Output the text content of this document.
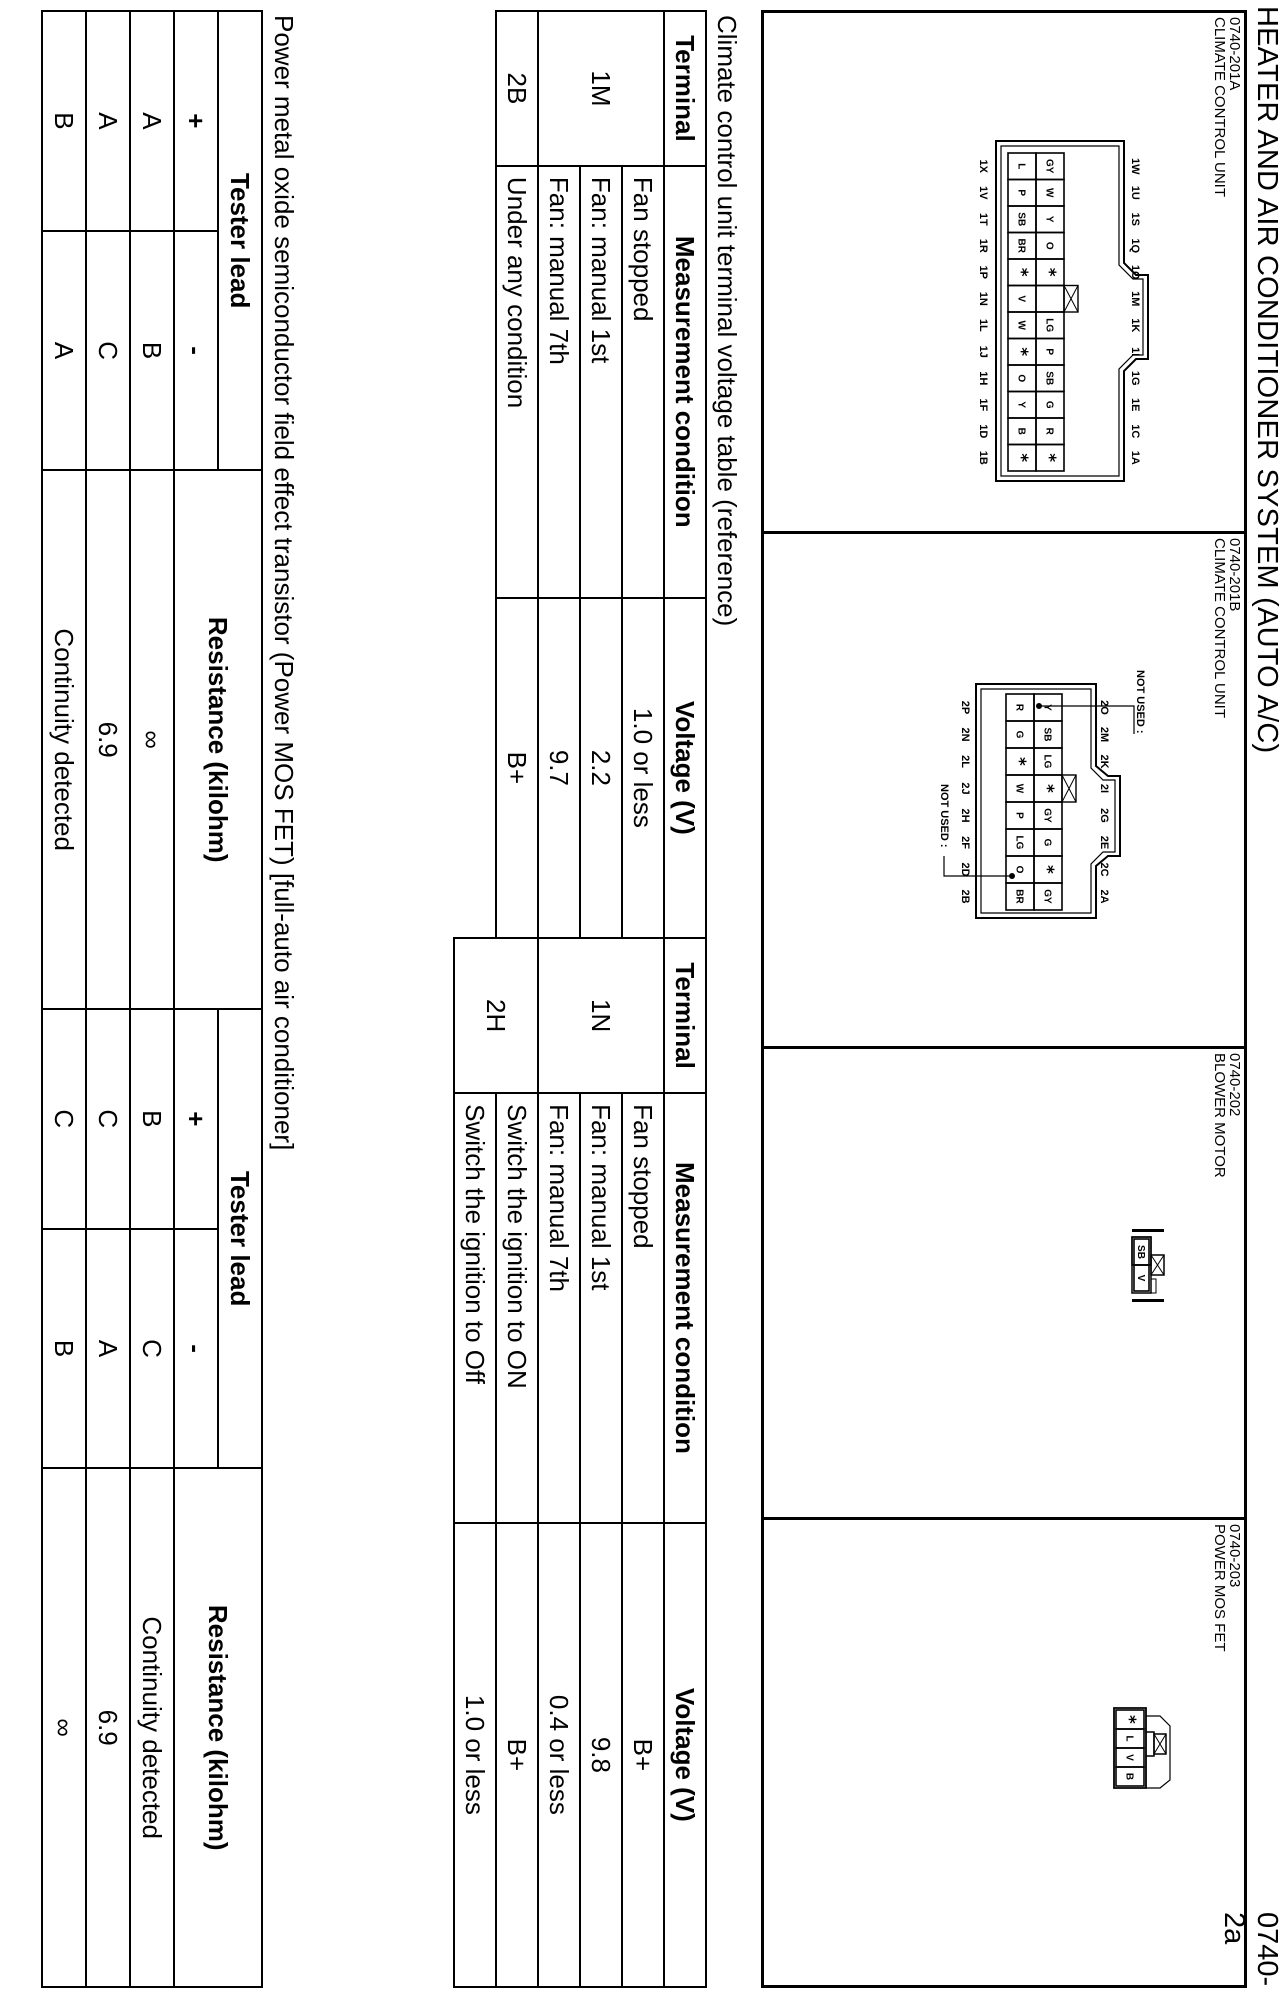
HEATER AND AIR CONDITIONER SYSTEM (AUTO A/C)
0740-2a
0740-201A
CLIMATE CONTROL UNIT
GY
W
Y
O
*
LG
P
SB
G
R
*
L
P
SB
BR
*
V
W
*
O
Y
B
*
1W
1U
1S
1Q
1O
1M
1K
1I
1G
1E
1C
1A
1X
1V
1T
1R
1P
1N
1L
1J
1H
1F
1D
1B
0740-201B
CLIMATE CONTROL UNIT
Y
SB
LG
*
GY
G
*
GY
R
G
*
W
P
LG
O
BR
2O
2M
2K
2I
2G
2E
2C
2A
2P
2N
2L
2J
2H
2F
2D
2B
NOT USED :
NOT USED :
0740-202
BLOWER MOTOR
SB
V
0740-203
POWER MOS FET
*
L
V
B
Climate control unit terminal voltage table (reference)					
Terminal	Measurement condition	Voltage (V)	Terminal	Measurement condition	Voltage (V)
1M	Fan stopped	1.0 or less	1N	Fan stopped	B+
	Fan: manual 1st	2.2		Fan: manual 1st	9.8
	Fan: manual 7th	9.7		Fan: manual 7th	0.4 or less
2B	Under any condition	B+	2H	Switch the ignition to ON	B+
				Switch the ignition to Off	1.0 or less
Power metal oxide semiconductor field effect transistor (Power MOS FET) [full-auto air conditioner]					
Tester lead		Resistance (kilohm)	Tester lead		Resistance (kilohm)
+	-		+	-	
A	B	∞	B	C	Continuity detected
A	C	6.9	C	A	6.9
B	A	Continuity detected	C	B	∞
